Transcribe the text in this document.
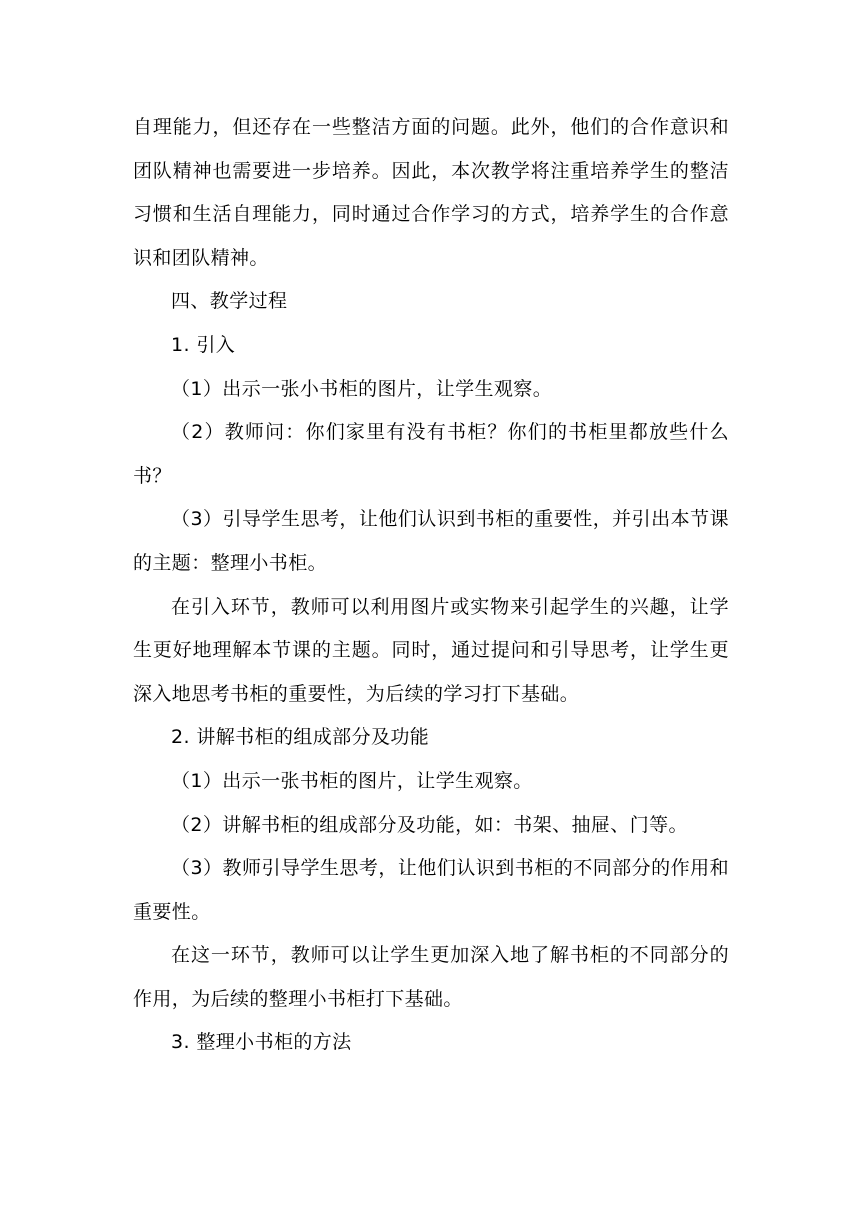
自理能力，但还存在一些整洁方面的问题。此外，他们的合作意识和团队精神也需要进一步培养。因此，本次教学将注重培养学生的整洁习惯和生活自理能力，同时通过合作学习的方式，培养学生的合作意识和团队精神。

四、教学过程

1. 引入

（1）出示一张小书柜的图片，让学生观察。

（2）教师问：你们家里有没有书柜？你们的书柜里都放些什么书？

（3）引导学生思考，让他们认识到书柜的重要性，并引出本节课的主题：整理小书柜。

在引入环节，教师可以利用图片或实物来引起学生的兴趣，让学生更好地理解本节课的主题。同时，通过提问和引导思考，让学生更深入地思考书柜的重要性，为后续的学习打下基础。

2. 讲解书柜的组成部分及功能

（1）出示一张书柜的图片，让学生观察。

（2）讲解书柜的组成部分及功能，如：书架、抽屉、门等。

（3）教师引导学生思考，让他们认识到书柜的不同部分的作用和重要性。

在这一环节，教师可以让学生更加深入地了解书柜的不同部分的作用，为后续的整理小书柜打下基础。

3. 整理小书柜的方法
